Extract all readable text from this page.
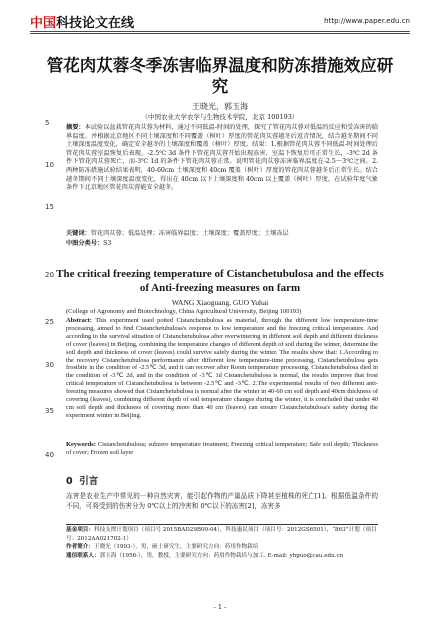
中国科技论文在线	http://www.paper.edu.cn
管花肉苁蓉冬季冻害临界温度和防冻措施效应研究
王晓光，郭玉海
（中国农业大学农学与生物技术学院，北京 100193）
摘要：本试验以盆栽管花肉苁蓉为材料，通过不同低温-时间的处理，探究了管花肉苁蓉对低温的反应和受冻害的临界温度。并根据北京地区不同土壤深度和不同覆盖（树叶）厚度的管花肉苁蓉越冬后返青情况，结合越冬期间不同土壤深度温度变化，确定安全越冬的土壤深度和覆盖（树叶）厚度。结果：1.根据管花肉苁蓉不同低温-时间处理后管花肉苁蓉室温恢复后表现，-2.5℃ 3d 条件下管花肉苁蓉开始出现冻害，室温下恢复后可正常生长，-3℃ 2d 条件下管花肉苁蓉死亡，而-3℃ 1d 的条件下管花肉苁蓉正常。说明管花肉苁蓉冻害临界温度在-2.5～3℃之间。2.两种防冻措施试验结果表明，40-60cm 土壤深度和 40cm 覆盖（树叶）厚度的管花肉苁蓉越冬后正常生长。结合越冬期间不同土壤深度温度变化，得出在 40cm 以下土壤深度和 40cm 以上覆盖（树叶）厚度，在试验年度气象条件下北京地区管花肉苁蓉能安全越冬。
关键词：管花肉苁蓉；低温处理；冻害临界温度；土壤深度；覆盖厚度；土壤冻层
中图分类号：S3
5
10
15
20
25
30
35
40
The critical freezing temperature of Cistanchetubulosa and the effects of Anti-freezing measures on farm
WANG Xiaoguang, GUO Yuhai
(College of Agronomy and Biotechnology, China Agricultural University, Beijing 100193)
Abstract: This experiment used potted Cistanchetubulosa as material, through the different low temperature-time processing, aimed to find Cistanchetubulosa's response to low temperature and the freezing critical temperature. And according to the survival situation of Cistanchetubulosa after overwintering in different soil depth and different thickness of cover (leaves) in Beijing, combining the temperature changes of different depth of soil during the winter, determine the soil depth and thickness of cover (leaves) could survive safely during the winter. The results show that: 1.According to the recovery Cistanchetubulosa performance after different low temperature-time processing, Cistanchetubulosa gets frostbite in the condition of -2.5℃ 3d, and it can recover after Room temperature processing. Cistanchetubulosa died in the condition of -3℃ 2d, and in the condition of -3℃ 1d Cistanchetubulosa is normal, the results improve that frost critical temperature of Cistanchetubulosa is between -2.5℃ and -3℃. 2.The experimental results of two different anti-freezing measures showed that Cistanchetubulosa is normal after the winter in 40-60 cm soil depth and 40cm thickness of covering (leaves), combining different depth of soil temperature changes during the winter, it is concluded that under 40 cm soil depth and thickness of covering more than 40 cm (leaves) can ensure Cistanchetubulosa's safety during the experiment winter in Beijing.
Keywords: Cistanchetubulosa; subzero temperature treatment; Freezing critical temperature; Safe soil depth; Thickness of cover; Frozen soil layer
0 引言
冻害是农业生产中常见的一种自然灾害，能引起作物的产量品质下降甚至植株的死亡[1]。根据低温条件的不同，可将受到的伤害分为 0℃以上的冷害和 0℃以下的冻害[2]，冻害多
基金项目：科技支撑计划项目（项目号 2015BAD29B00-04），科技惠民项目（项目号：2012GS6501），“863”计划（项目号：2012AA021702-1）
作者简介：王晓光（1993-），男，硕士研究生，主要研究方向：药用作物栽培
通信联系人：郭玉海（1956-），男，教授，主要研究方向：药用作物栽培与加工. E-mail: yhguo@cau.edu.cn
- 1 -
